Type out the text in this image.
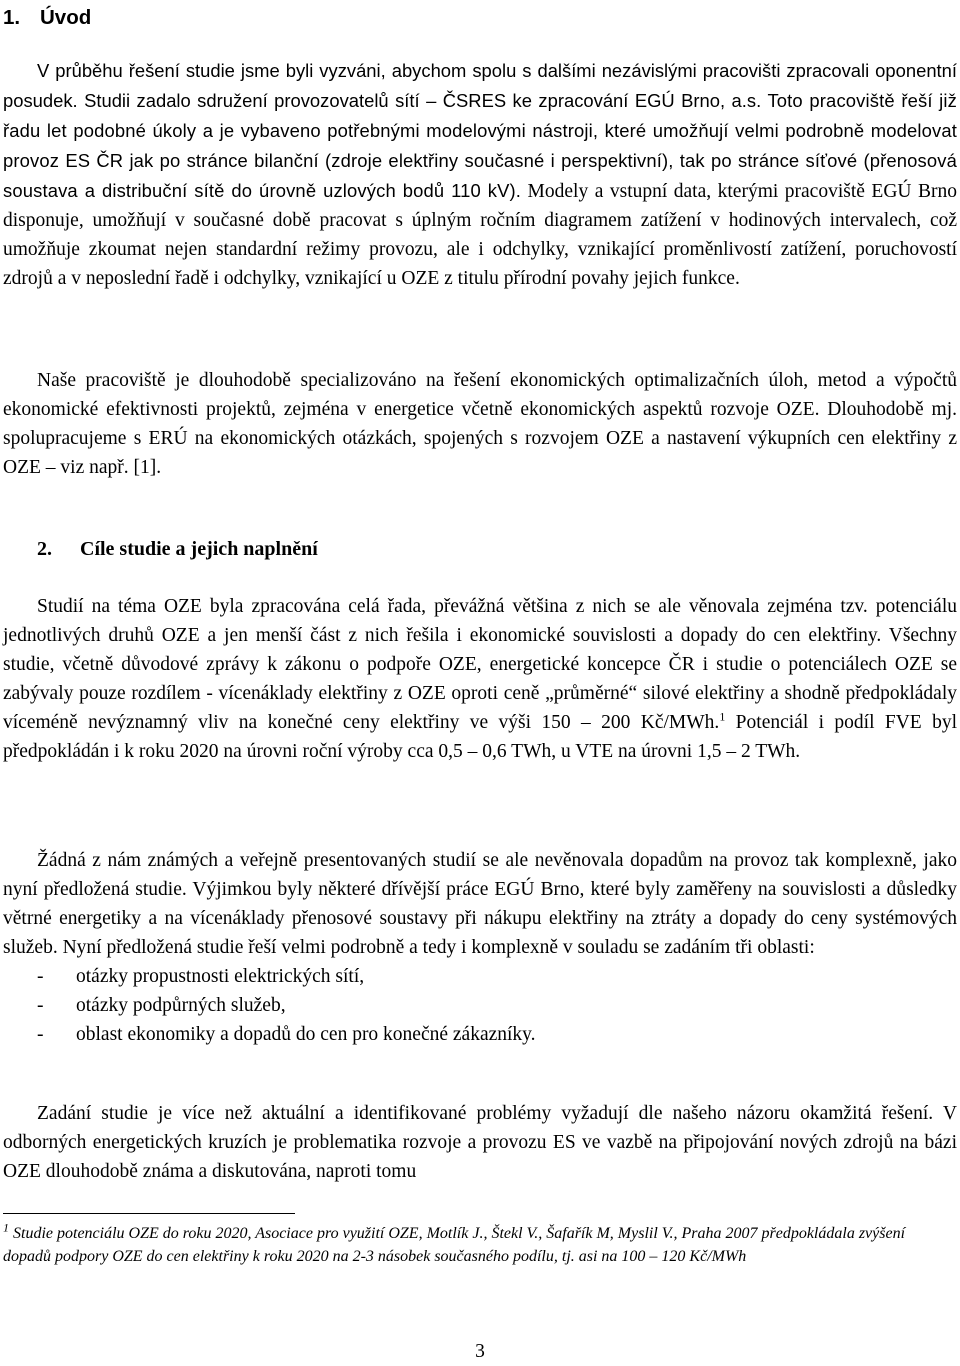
1. Úvod

V průběhu řešení studie jsme byli vyzváni, abychom spolu s dalšími nezávislými pracovišti zpracovali oponentní posudek. Studii zadalo sdružení provozovatelů sítí – ČSRES ke zpracování EGÚ Brno, a.s. Toto pracoviště řeší již řadu let podobné úkoly a je vybaveno potřebnými modelovými nástroji, které umožňují velmi podrobně modelovat provoz ES ČR jak po stránce bilanční (zdroje elektřiny současné i perspektivní), tak po stránce síťové (přenosová soustava a distribuční sítě do úrovně uzlových bodů 110 kV). Modely a vstupní data, kterými pracoviště EGÚ Brno disponuje, umožňují v současné době pracovat s úplným ročním diagramem zatížení v hodinových intervalech, což umožňuje zkoumat nejen standardní režimy provozu, ale i odchylky, vznikající proměnlivostí zatížení, poruchovostí zdrojů a v neposlední řadě i odchylky, vznikající u OZE z titulu přírodní povahy jejich funkce.

Naše pracoviště je dlouhodobě specializováno na řešení ekonomických optimalizačních úloh, metod a výpočtů ekonomické efektivnosti projektů, zejména v energetice včetně ekonomických aspektů rozvoje OZE. Dlouhodobě mj. spolupracujeme s ERÚ na ekonomických otázkách, spojených s rozvojem OZE a nastavení výkupních cen elektřiny z OZE – viz např. [1].

2. Cíle studie a jejich naplnění

Studií na téma OZE byla zpracována celá řada, převážná většina z nich se ale věnovala zejména tzv. potenciálu jednotlivých druhů OZE a jen menší část z nich řešila i ekonomické souvislosti a dopady do cen elektřiny. Všechny studie, včetně důvodové zprávy k zákonu o podpoře OZE, energetické koncepce ČR i studie o potenciálech OZE se zabývaly pouze rozdílem - vícenáklady elektřiny z OZE oproti ceně „průměrné“ silové elektřiny a shodně předpokládaly víceméně nevýznamný vliv na konečné ceny elektřiny ve výši 150 – 200 Kč/MWh.$^1$ Potenciál i podíl FVE byl předpokládán i k roku 2020 na úrovni roční výroby cca 0,5 – 0,6 TWh, u VTE na úrovni 1,5 – 2 TWh.

Žádná z nám známých a veřejně presentovaných studií se ale nevěnovala dopadům na provoz tak komplexně, jako nyní předložená studie. Výjimkou byly některé dřívější práce EGÚ Brno, které byly zaměřeny na souvislosti a důsledky větrné energetiky a na vícenáklady přenosové soustavy při nákupu elektřiny na ztráty a dopady do ceny systémových služeb. Nyní předložená studie řeší velmi podrobně a tedy i komplexně v souladu se zadáním tři oblasti:

- otázky propustnosti elektrických sítí,
- otázky podpůrných služeb,
- oblast ekonomiky a dopadů do cen pro konečné zákazníky.

Zadání studie je více než aktuální a identifikované problémy vyžadují dle našeho názoru okamžitá řešení. V odborných energetických kruzích je problematika rozvoje a provozu ES ve vazbě na připojování nových zdrojů na bázi OZE dlouhodobě známa a diskutována, naproti tomu

$^1$ Studie potenciálu OZE do roku 2020, Asociace pro využití OZE, Motlík J., Štekl V., Šafařík M, Myslil V., Praha 2007 předpokládala zvýšení dopadů podpory OZE do cen elektřiny k roku 2020 na 2-3 násobek současného podílu, tj. asi na 100 – 120 Kč/MWh
3
